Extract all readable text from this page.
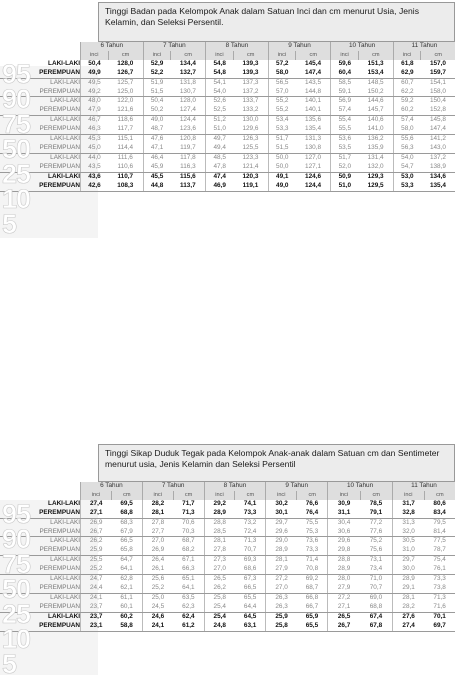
Tinggi Badan pada Kelompok Anak dalam Satuan Inci dan cm menurut Usia, Jenis Kelamin, dan Seleksi Persentil.
	6 Tahun		7 Tahun		8 Tahun		9 Tahun		10 Tahun		11 Tahun	
	inci	cm	inci	cm	inci	cm	inci	cm	inci	cm	inci	cm
LAKI-LAKI	50,4	128,0	52,9	134,4	54,8	139,3	57,2	145,4	59,6	151,3	61,8	157,0
PEREMPUAN	49,9	126,7	52,2	132,7	54,8	139,3	58,0	147,4	60,4	153,4	62,9	159,7
LAKI-LAKI	49,5	125,7	51,9	131,8	54,1	137,3	56,5	143,5	58,5	148,5	60,7	154,1
PEREMPUAN	49,2	125,0	51,5	130,7	54,0	137,2	57,0	144,8	59,1	150,2	62,2	158,0
LAKI-LAKI	48,0	122,0	50,4	128,0	52,6	133,7	55,2	140,1	56,9	144,6	59,2	150,4
PEREMPUAN	47,9	121,6	50,2	127,4	52,5	133,2	55,2	140,1	57,4	145,7	60,2	152,8
LAKI-LAKI	46,7	118,6	49,0	124,4	51,2	130,0	53,4	135,6	55,4	140,6	57,4	145,8
PEREMPUAN	46,3	117,7	48,7	123,6	51,0	129,6	53,3	135,4	55,5	141,0	58,0	147,4
LAKI-LAKI	45,3	115,1	47,6	120,8	49,7	126,3	51,7	131,3	53,6	136,2	55,6	141,2
PEREMPUAN	45,0	114,4	47,1	119,7	49,4	125,5	51,5	130,8	53,5	135,9	56,3	143,0
LAKI-LAKI	44,0	111,6	46,4	117,8	48,5	123,3	50,0	127,0	51,7	131,4	54,0	137,2
PEREMPUAN	43,5	110,6	45,9	116,3	47,8	121,4	50,0	127,1	52,0	132,0	54,7	138,9
LAKI-LAKI	43,6	110,7	45,5	115,6	47,4	120,3	49,1	124,6	50,9	129,3	53,0	134,6
PEREMPUAN	42,6	108,3	44,8	113,7	46,9	119,1	49,0	124,4	51,0	129,5	53,3	135,4
95
90
75
50
25
10
5
Tinggi Sikap Duduk Tegak pada Kelompok Anak-anak dalam Satuan cm dan Sentimeter menurut usia, Jenis Kelamin dan Seleksi Persentil
	6 Tahun		7 Tahun		8 Tahun		9 Tahun		10 Tahun		11 Tahun	
	inci	cm	inci	cm	inci	cm	inci	cm	inci	cm	inci	cm
LAKI-LAKI	27,4	69,5	28,2	71,7	29,2	74,1	30,2	76,6	30,9	78,5	31,7	80,6
PEREMPUAN	27,1	68,8	28,1	71,3	28,9	73,3	30,1	76,4	31,1	79,1	32,8	83,4
LAKI-LAKI	26,9	68,3	27,8	70,6	28,8	73,2	29,7	75,5	30,4	77,2	31,3	79,5
PEREMPUAN	26,7	67,9	27,7	70,3	28,5	72,4	29,6	75,3	30,6	77,6	32,0	81,4
LAKI-LAKI	26,2	66,5	27,0	68,7	28,1	71,3	29,0	73,6	29,6	75,2	30,5	77,5
PEREMPUAN	25,9	65,8	26,9	68,2	27,8	70,7	28,9	73,3	29,8	75,6	31,0	78,7
LAKI-LAKI	25,5	64,7	26,4	67,1	27,3	69,3	28,1	71,4	28,8	73,1	29,7	75,4
PEREMPUAN	25,2	64,1	26,1	66,3	27,0	68,6	27,9	70,8	28,9	73,4	30,0	76,1
LAKI-LAKI	24,7	62,8	25,6	65,1	26,5	67,3	27,2	69,2	28,0	71,0	28,9	73,3
PEREMPUAN	24,4	62,1	25,2	64,1	26,2	66,5	27,0	68,7	27,9	70,7	29,1	73,8
LAKI-LAKI	24,1	61,1	25,0	63,5	25,8	65,5	26,3	66,8	27,2	69,0	28,1	71,3
PEREMPUAN	23,7	60,1	24,5	62,3	25,4	64,4	26,3	66,7	27,1	68,8	28,2	71,6
LAKI-LAKI	23,7	60,2	24,6	62,4	25,4	64,5	25,9	65,9	26,5	67,4	27,6	70,1
PEREMPUAN	23,1	58,8	24,1	61,2	24,8	63,1	25,8	65,5	26,7	67,8	27,4	69,7
95
90
75
50
25
10
5
